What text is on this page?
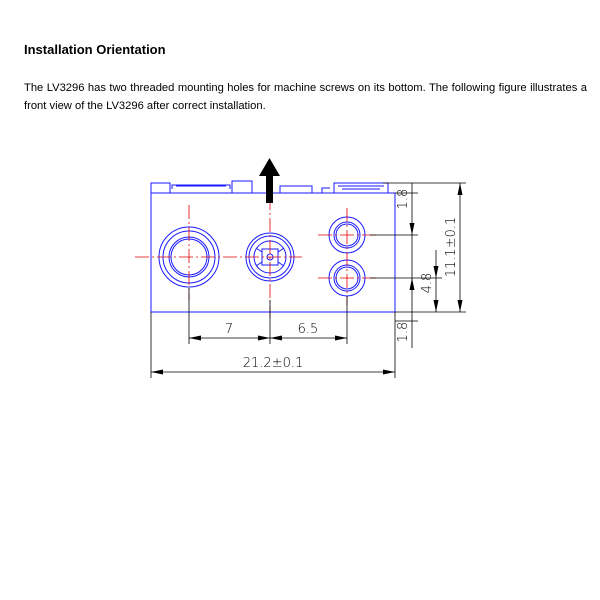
Installation Orientation

The LV3296 has two threaded mounting holes for machine screws on its bottom. The following figure illustrates a front view of the LV3296 after correct installation.

7	6.5
21.2±0.1
1.8
4.8
11.1±0.1
1.8
